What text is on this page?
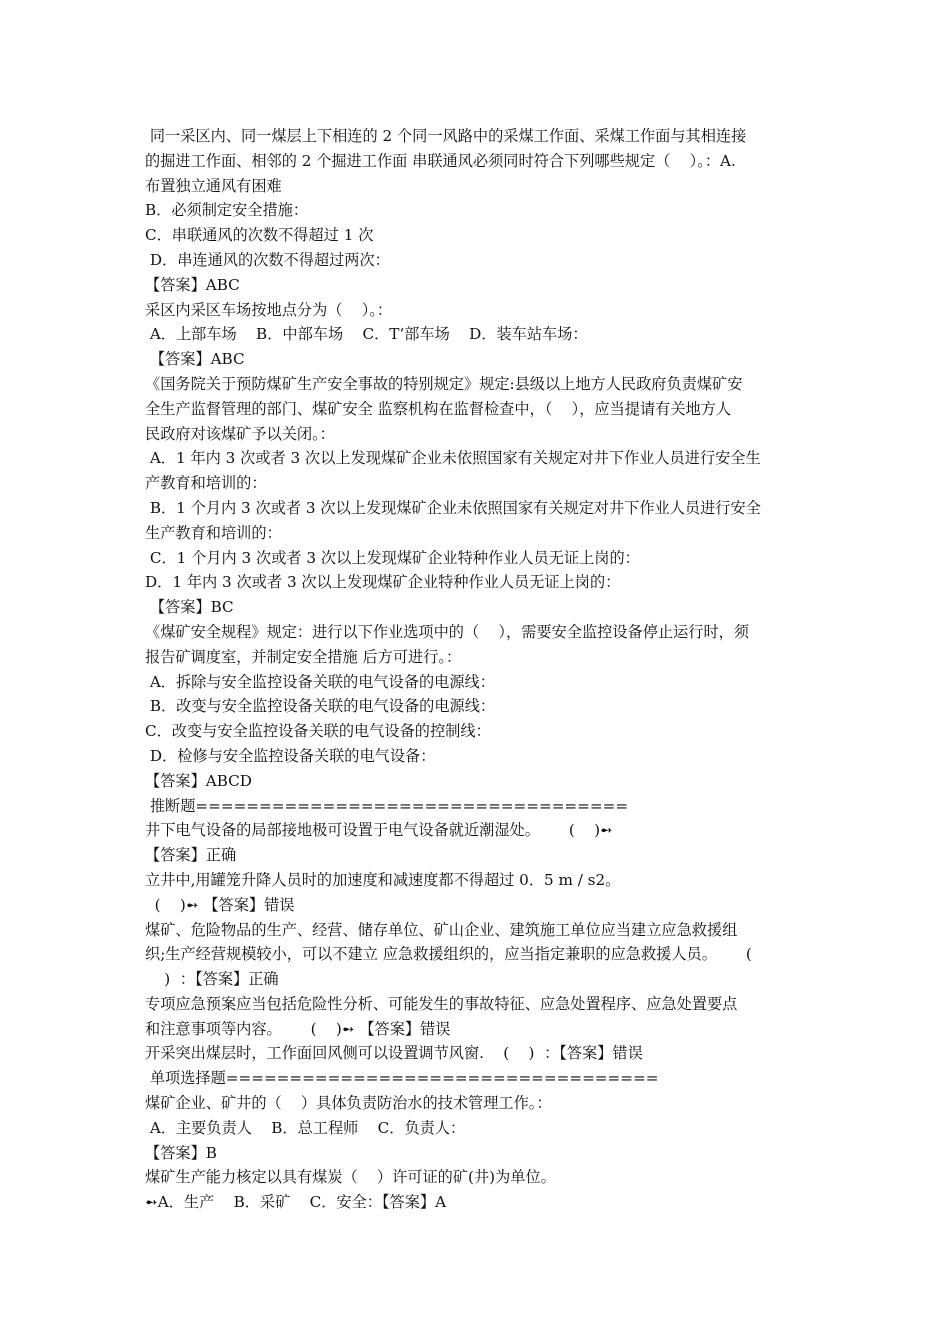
同一采区内、同一煤层上下相连的 2 个同一风路中的采煤工作面、采煤工作面与其相连接
的掘进工作面、相邻的 2 个掘进工作面 串联通风必须同时符合下列哪些规定（    ）。：A.
布置独立通风有困难
B．必须制定安全措施：
C．串联通风的次数不得超过 1 次
D．串连通风的次数不得超过两次：
【答案】ABC
采区内采区车场按地点分为（    ）。：
A．上部车场    B．中部车场    C．T‘部车场    D．装车站车场：
【答案】ABC
《国务院关于预防煤矿生产安全事故的特别规定》规定:县级以上地方人民政府负责煤矿安
全生产监督管理的部门、煤矿安全 监察机构在监督检查中，（    ），应当提请有关地方人
民政府对该煤矿予以关闭。：
A．1 年内 3 次或者 3 次以上发现煤矿企业未依照国家有关规定对井下作业人员进行安全生
产教育和培训的：
B．1 个月内 3 次或者 3 次以上发现煤矿企业未依照国家有关规定对井下作业人员进行安全
生产教育和培训的：
C．1 个月内 3 次或者 3 次以上发现煤矿企业特种作业人员无证上岗的：
D．1 年内 3 次或者 3 次以上发现煤矿企业特种作业人员无证上岗的：
【答案】BC
《煤矿安全规程》规定：进行以下作业选项中的（    ），需要安全监控设备停止运行时，须
报告矿调度室，并制定安全措施 后方可进行。：
A．拆除与安全监控设备关联的电气设备的电源线：
B．改变与安全监控设备关联的电气设备的电源线：
C．改变与安全监控设备关联的电气设备的控制线：
D．检修与安全监控设备关联的电气设备：
【答案】ABCD
推断题==================================
井下电气设备的局部接地极可设置于电气设备就近潮湿处。      (    )➻
【答案】正确
立井中,用罐笼升降人员时的加速度和减速度都不得超过 0．5 m / s2。
(    )➻ 【答案】错误
煤矿、危险物品的生产、经营、储存单位、矿山企业、建筑施工单位应当建立应急救援组
织;生产经营规模较小，可以不建立 应急救援组织的，应当指定兼职的应急救援人员。      (
)  ：【答案】正确
专项应急预案应当包括危险性分析、可能发生的事故特征、应急处置程序、应急处置要点
和注意事项等内容。      (    )➻ 【答案】错误
开采突出煤层时，工作面回风侧可以设置调节风窗.    (    )  ：【答案】错误
单项选择题==================================
煤矿企业、矿井的（    ）具体负责防治水的技术管理工作。：
A．主要负责人    B．总工程师    C．负责人：
【答案】B
煤矿生产能力核定以具有煤炭（    ）许可证的矿(井)为单位。
➻A．生产    B．采矿    C．安全：【答案】A
